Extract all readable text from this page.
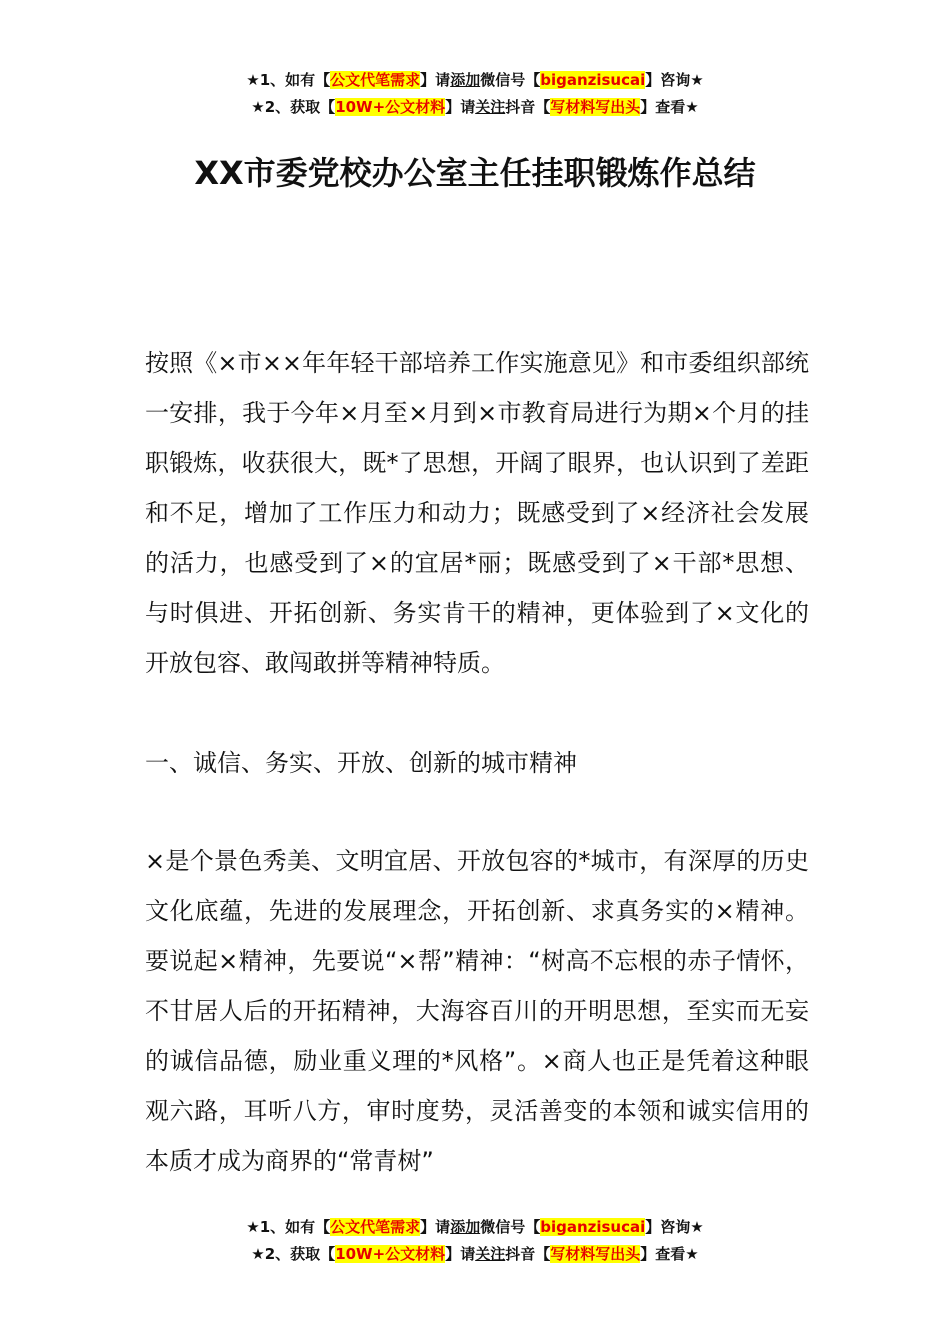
★1、如有【公文代笔需求】请添加微信号【biganzisucai】咨询★
★2、获取【10W+公文材料】请关注抖音【写材料写出头】查看★
XX市委党校办公室主任挂职锻炼作总结

按照《×市××年年轻干部培养工作实施意见》和市委组织部统一安排，我于今年×月至×月到×市教育局进行为期×个月的挂职锻炼，收获很大，既*了思想，开阔了眼界，也认识到了差距和不足，增加了工作压力和动力；既感受到了×经济社会发展的活力，也感受到了×的宜居*丽；既感受到了×干部*思想、与时俱进、开拓创新、务实肯干的精神，更体验到了×文化的开放包容、敢闯敢拼等精神特质。

一、诚信、务实、开放、创新的城市精神

×是个景色秀美、文明宜居、开放包容的*城市，有深厚的历史文化底蕴，先进的发展理念，开拓创新、求真务实的×精神。要说起×精神，先要说“×帮”精神：“树高不忘根的赤子情怀，不甘居人后的开拓精神，大海容百川的开明思想，至实而无妄的诚信品德，励业重义理的*风格”。×商人也正是凭着这种眼观六路，耳听八方，审时度势，灵活善变的本领和诚实信用的本质才成为商界的“常青树”

★1、如有【公文代笔需求】请添加微信号【biganzisucai】咨询★
★2、获取【10W+公文材料】请关注抖音【写材料写出头】查看★
